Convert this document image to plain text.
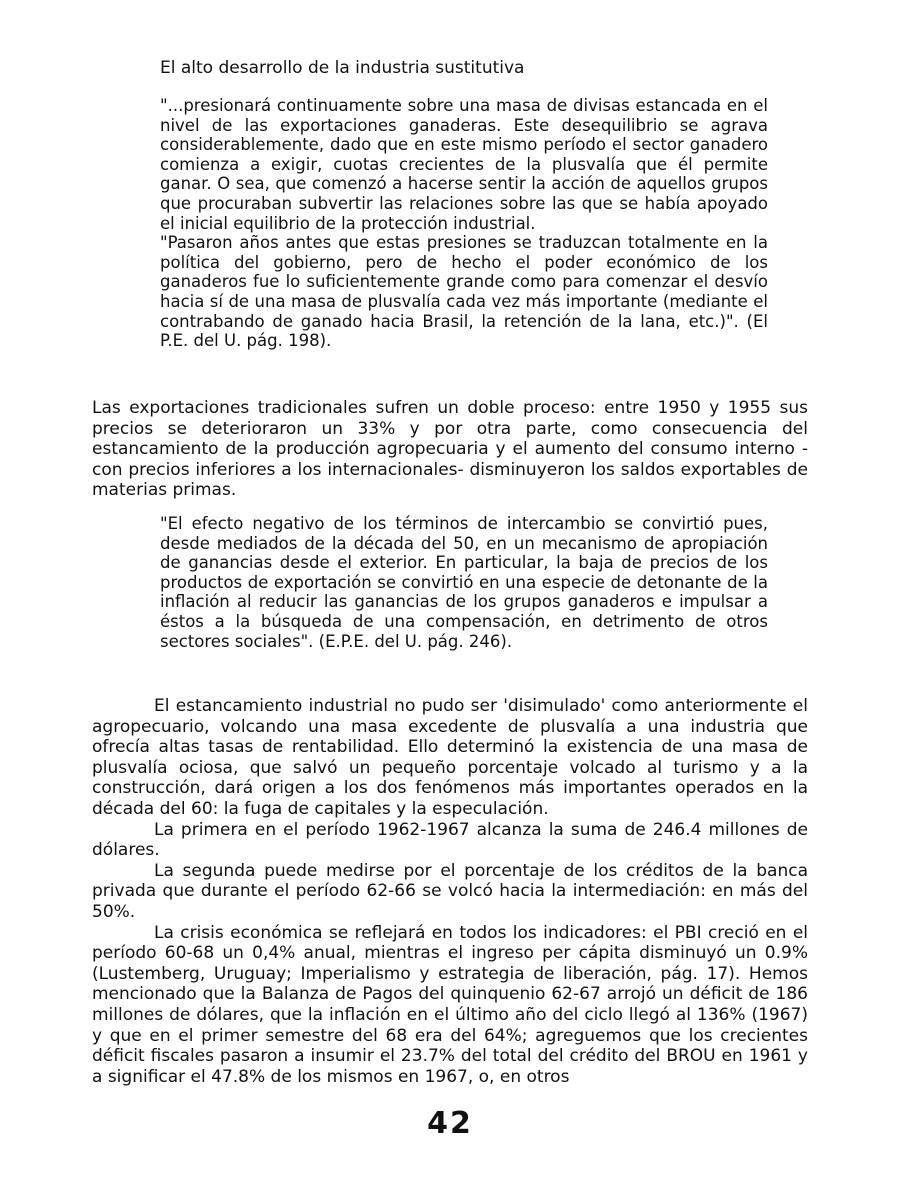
El alto desarrollo de la industria sustitutiva

"...presionará continuamente sobre una masa de divisas estancada en el nivel de las exportaciones ganaderas. Este desequilibrio se agrava considerablemente, dado que en este mismo período el sector ganadero comienza a exigir, cuotas crecientes de la plusvalía que él permite ganar. O sea, que comenzó a hacerse sentir la acción de aquellos grupos que procuraban subvertir las relaciones sobre las que se había apoyado el inicial equilibrio de la protección industrial.

"Pasaron años antes que estas presiones se traduzcan totalmente en la política del gobierno, pero de hecho el poder económico de los ganaderos fue lo suficientemente grande como para comenzar el desvío hacia sí de una masa de plusvalía cada vez más importante (mediante el contrabando de ganado hacia Brasil, la retención de la lana, etc.)". (El P.E. del U. pág. 198).

Las exportaciones tradicionales sufren un doble proceso: entre 1950 y 1955 sus precios se deterioraron un 33% y por otra parte, como consecuencia del estancamiento de la producción agropecuaria y el aumento del consumo interno - con precios inferiores a los internacionales- disminuyeron los saldos exportables de materias primas.

"El efecto negativo de los términos de intercambio se convirtió pues, desde mediados de la década del 50, en un mecanismo de apropiación de ganancias desde el exterior. En particular, la baja de precios de los productos de exportación se convirtió en una especie de detonante de la inflación al reducir las ganancias de los grupos ganaderos e impulsar a éstos a la búsqueda de una compensación, en detrimento de otros sectores sociales". (E.P.E. del U. pág. 246).

El estancamiento industrial no pudo ser 'disimulado' como anteriormente el agropecuario, volcando una masa excedente de plusvalía a una industria que ofrecía altas tasas de rentabilidad. Ello determinó la existencia de una masa de plusvalía ociosa, que salvó un pequeño porcentaje volcado al turismo y a la construcción, dará origen a los dos fenómenos más importantes operados en la década del 60: la fuga de capitales y la especulación.

La primera en el período 1962-1967 alcanza la suma de 246.4 millones de dólares.

La segunda puede medirse por el porcentaje de los créditos de la banca privada que durante el período 62-66 se volcó hacia la intermediación: en más del 50%.

La crisis económica se reflejará en todos los indicadores: el PBI creció en el período 60-68 un 0,4% anual, mientras el ingreso per cápita disminuyó un 0.9% (Lustemberg, Uruguay; Imperialismo y estrategia de liberación, pág. 17). Hemos mencionado que la Balanza de Pagos del quinquenio 62-67 arrojó un déficit de 186 millones de dólares, que la inflación en el último año del ciclo llegó al 136% (1967) y que en el primer semestre del 68 era del 64%; agreguemos que los crecientes déficit fiscales pasaron a insumir el 23.7% del total del crédito del BROU en 1961 y a significar el 47.8% de los mismos en 1967, o, en otros

42
